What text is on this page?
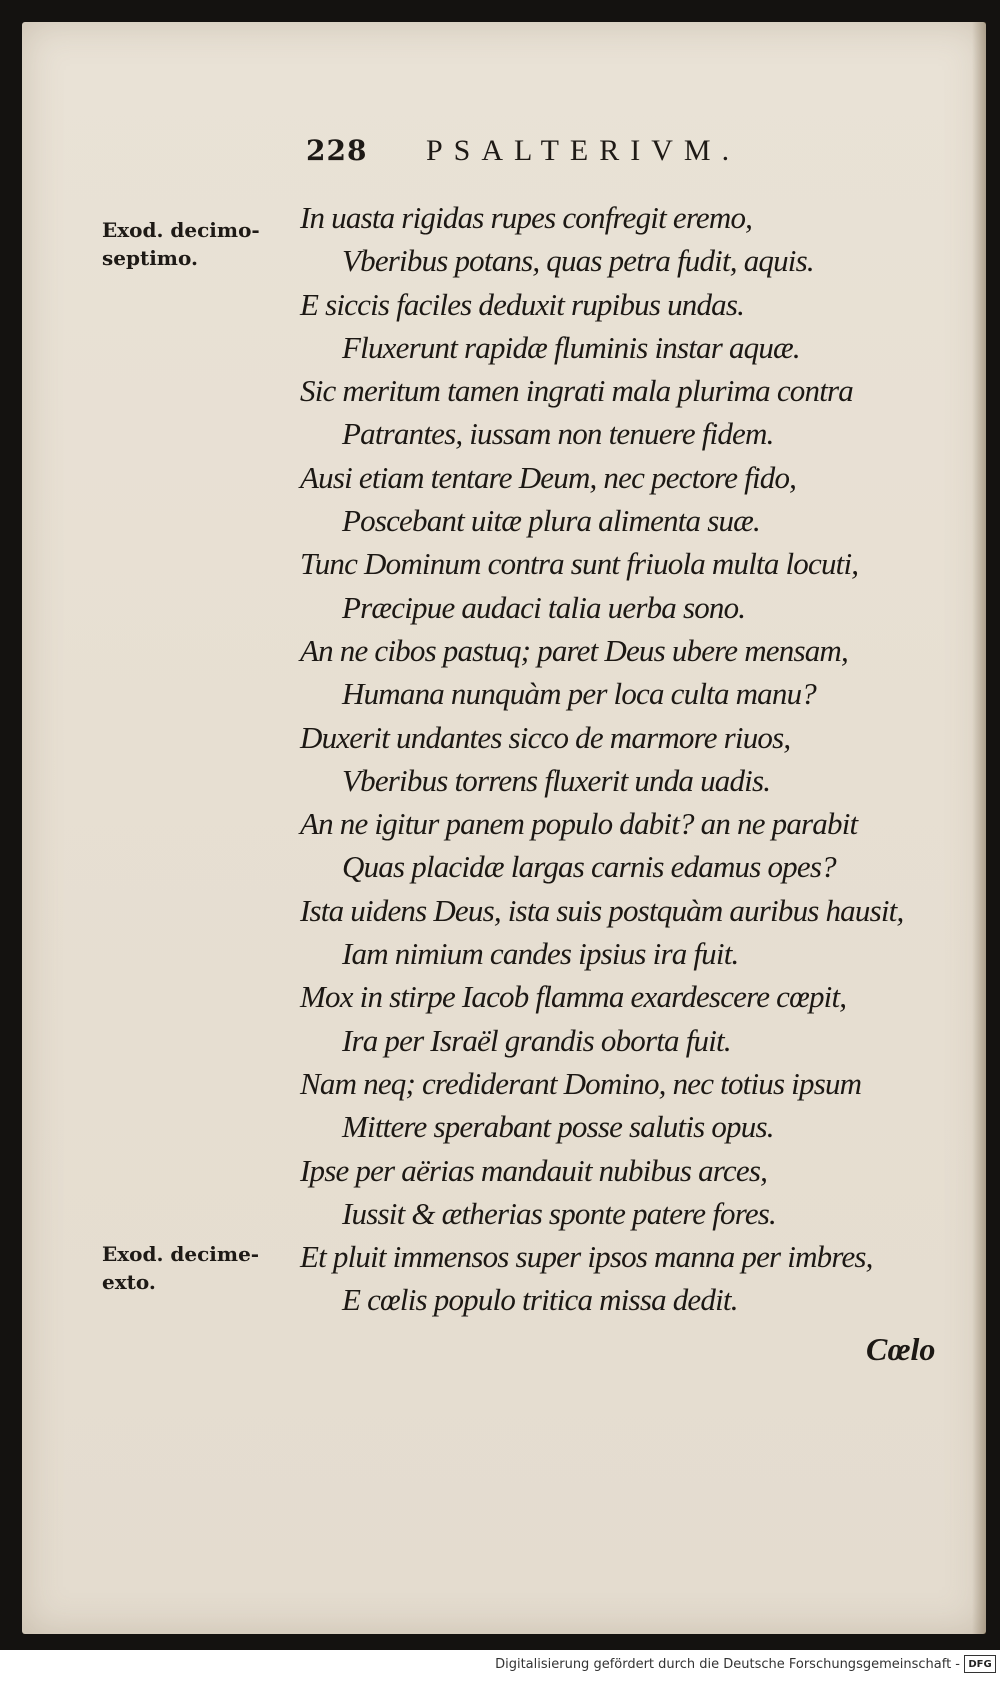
228	PSALTERIVM.
Exod. decimo-
septimo.
Exod. decime-
exto.
In uasta rigidas rupes confregit eremo,
Vberibus potans, quas petra fudit, aquis.
E siccis faciles deduxit rupibus undas.
Fluxerunt rapidæ fluminis instar aquæ.
Sic meritum tamen ingrati mala plurima contra
Patrantes, iussam non tenuere fidem.
Ausi etiam tentare Deum, nec pectore fido,
Poscebant uitæ plura alimenta suæ.
Tunc Dominum contra sunt friuola multa locuti,
Præcipue audaci talia uerba sono.
An ne cibos pastuq; paret Deus ubere mensam,
Humana nunquàm per loca culta manu?
Duxerit undantes sicco de marmore riuos,
Vberibus torrens fluxerit unda uadis.
An ne igitur panem populo dabit? an ne parabit
Quas placidæ largas carnis edamus opes?
Ista uidens Deus, ista suis postquàm auribus hausit,
Iam nimium candes ipsius ira fuit.
Mox in stirpe Iacob flamma exardescere cœpit,
Ira per Israël grandis oborta fuit.
Nam neq; crediderant Domino, nec totius ipsum
Mittere sperabant posse salutis opus.
Ipse per aërias mandauit nubibus arces,
Iussit & ætherias sponte patere fores.
Et pluit immensos super ipsos manna per imbres,
E cœlis populo tritica missa dedit.
Cœlo
Digitalisierung gefördert durch die Deutsche Forschungsgemeinschaft - DFG
